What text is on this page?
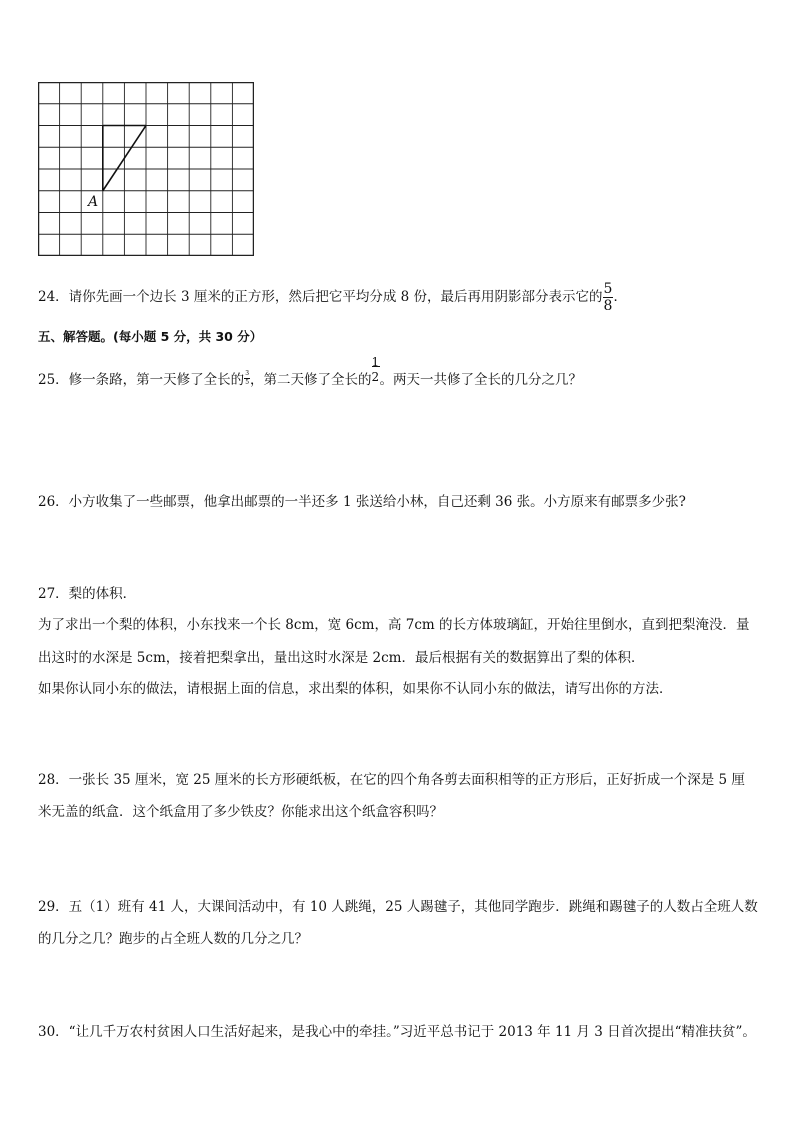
A
24．请你先画一个边长 3 厘米的正方形，然后把它平均分成 8 份，最后再用阴影部分表示它的 $\frac{5}{8}$ ．
五、解答题。(每小题 5 分，共 30 分）
25．修一条路，第一天修了全长的 $\frac{3}{5}$ ，第二天修了全长的 $\frac{1}{2}$ 。两天一共修了全长的几分之几？
26．小方收集了一些邮票，他拿出邮票的一半还多 1 张送给小林，自己还剩 36 张。小方原来有邮票多少张?
27．梨的体积．
为了求出一个梨的体积，小东找来一个长 8cm，宽 6cm，高 7cm 的长方体玻璃缸，开始往里倒水，直到把梨淹没．量
出这时的水深是 5cm，接着把梨拿出，量出这时水深是 2cm．最后根据有关的数据算出了梨的体积．
如果你认同小东的做法，请根据上面的信息，求出梨的体积，如果你不认同小东的做法，请写出你的方法．
28．一张长 35 厘米，宽 25 厘米的长方形硬纸板，在它的四个角各剪去面积相等的正方形后，正好折成一个深是 5 厘
米无盖的纸盒．这个纸盒用了多少铁皮？你能求出这个纸盒容积吗？
29．五（1）班有 41 人，大课间活动中，有 10 人跳绳，25 人踢毽子，其他同学跑步．跳绳和踢毽子的人数占全班人数
的几分之几？跑步的占全班人数的几分之几？
30．“让几千万农村贫困人口生活好起来，是我心中的牵挂。”习近平总书记于 2013 年 11 月 3 日首次提出“精准扶贫”。
